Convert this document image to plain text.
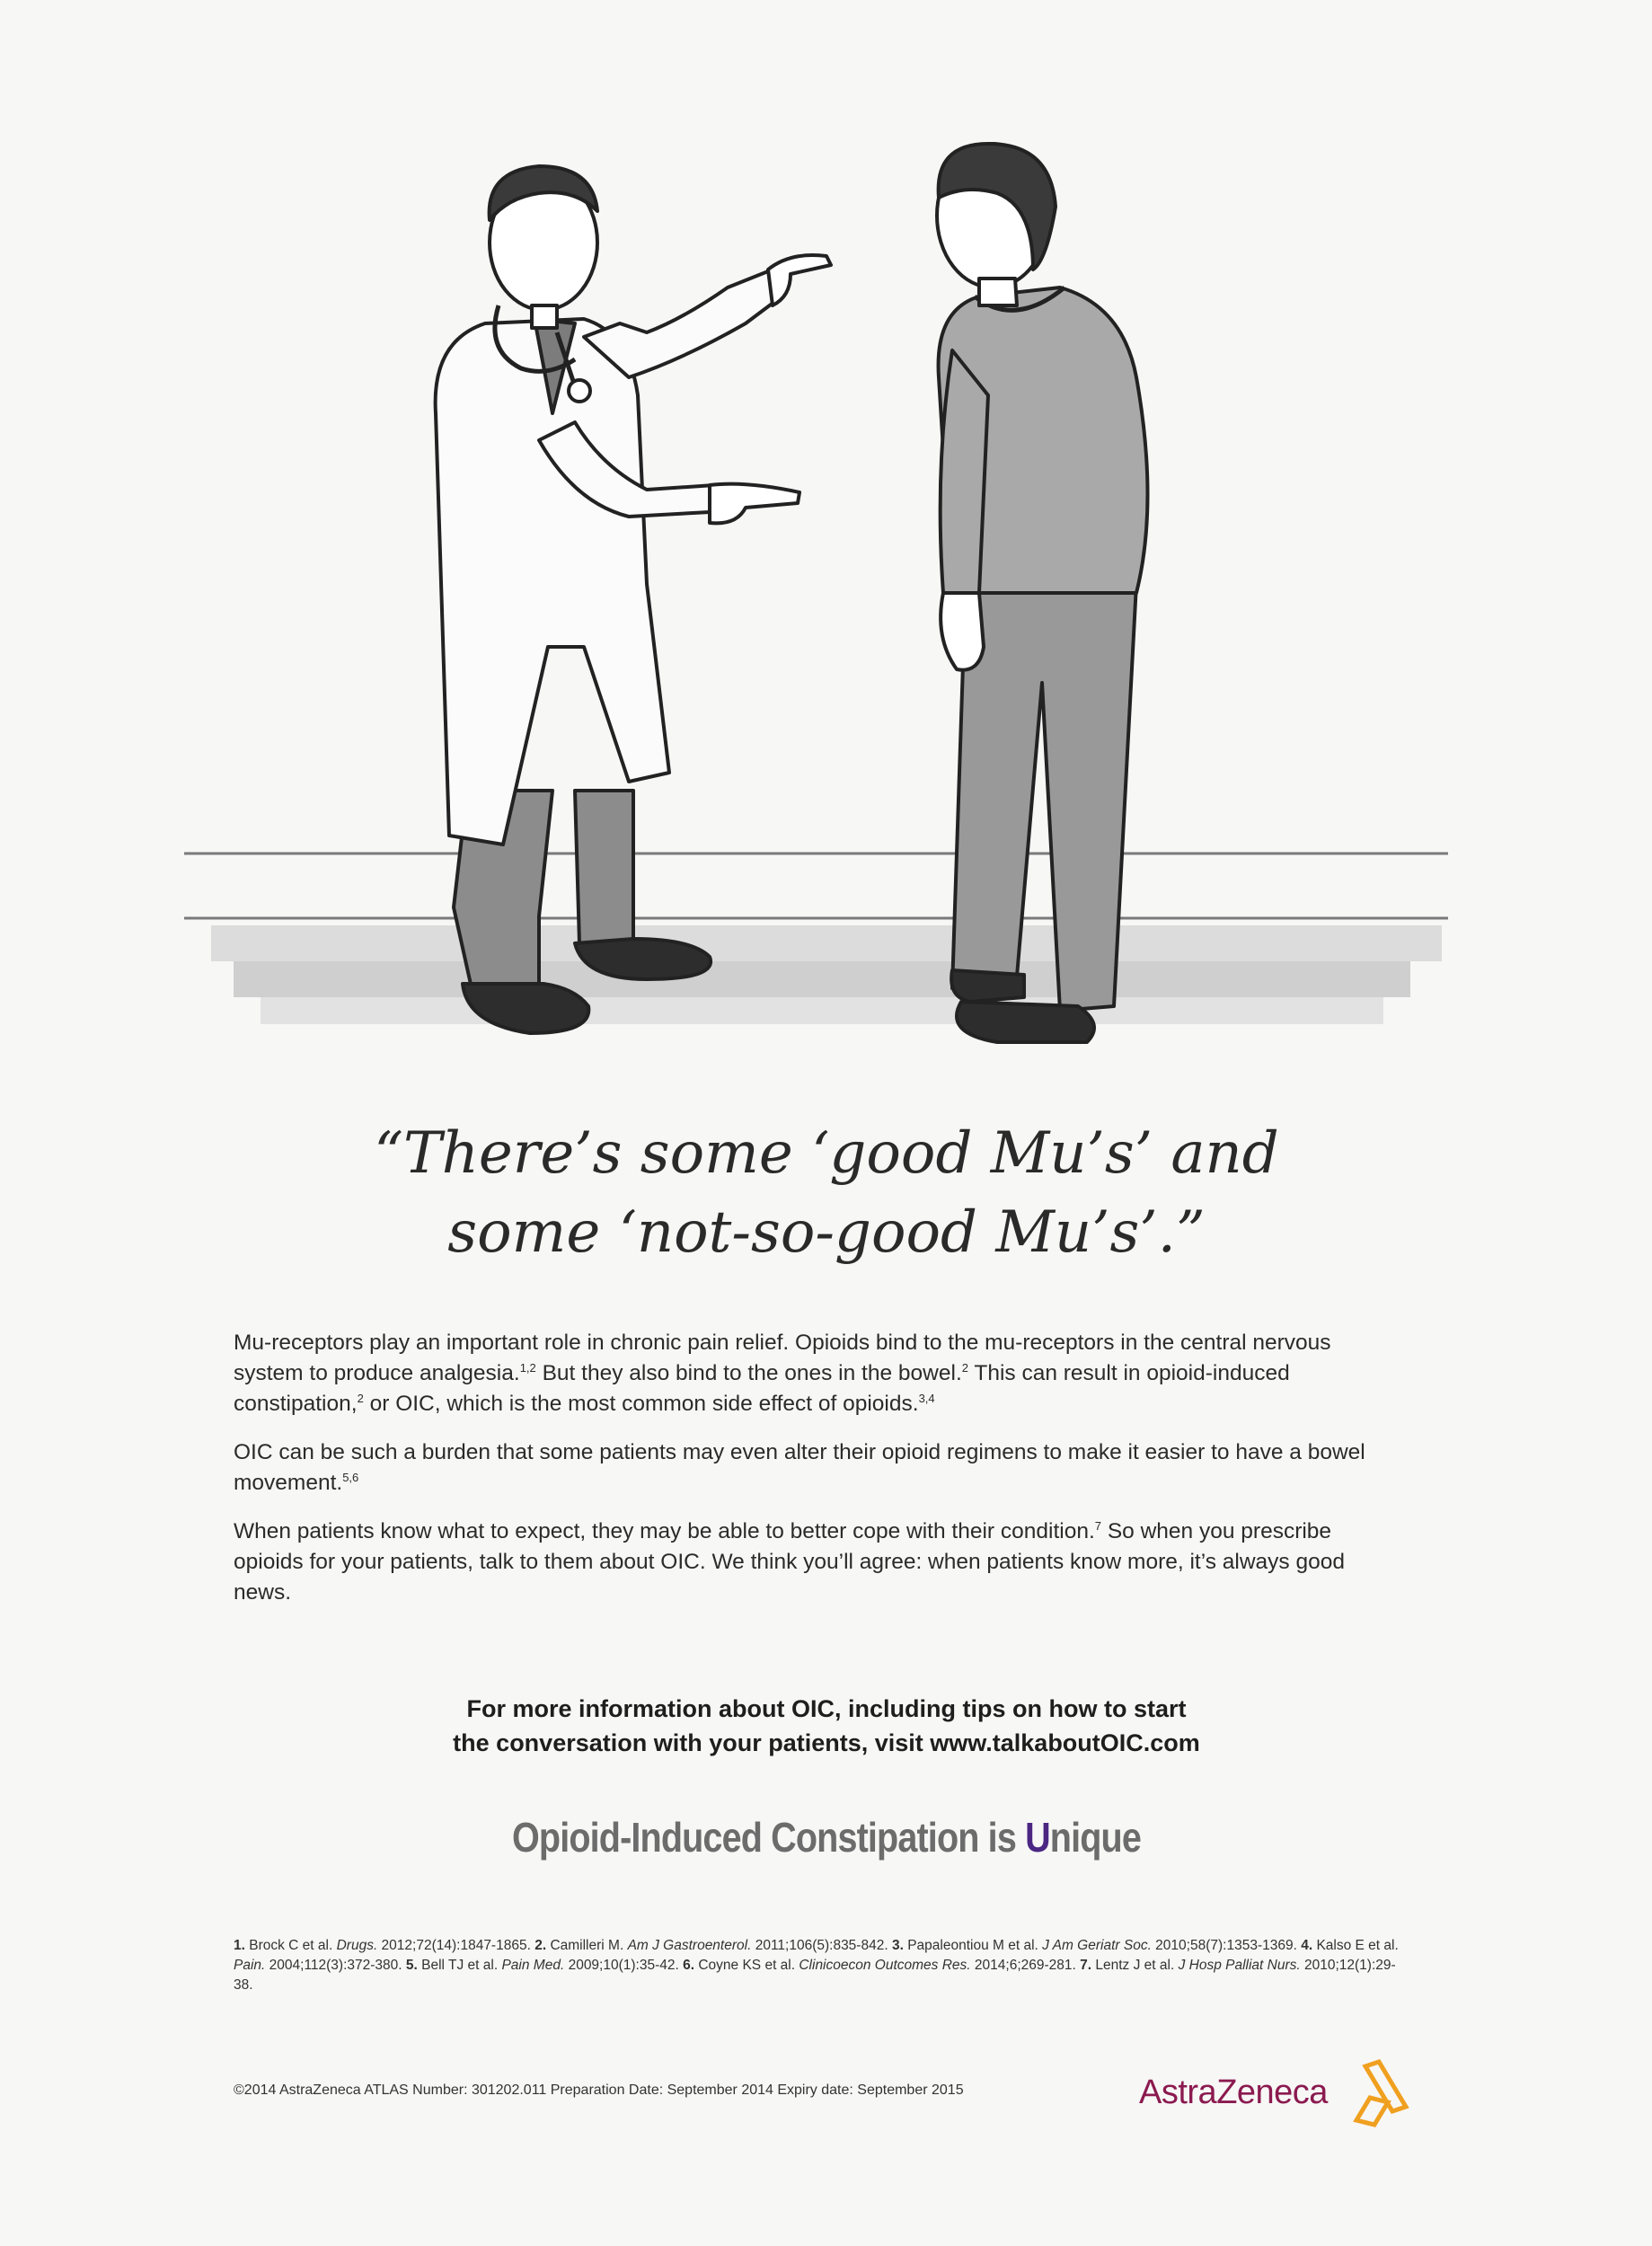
“There’s some ‘good Mu’s’ and
some ‘not-so-good Mu’s’.”

Mu-receptors play an important role in chronic pain relief. Opioids bind to the mu-receptors in the central nervous system to produce analgesia.$^{1,2}$ But they also bind to the ones in the bowel.$^2$ This can result in opioid-induced constipation,$^2$ or OIC, which is the most common side effect of opioids.$^{3,4}$

OIC can be such a burden that some patients may even alter their opioid regimens to make it easier to have a bowel movement.$^{5,6}$

When patients know what to expect, they may be able to better cope with their condition.$^7$ So when you prescribe opioids for your patients, talk to them about OIC. We think you’ll agree: when patients know more, it’s always good news.

For more information about OIC, including tips on how to start
the conversation with your patients, visit www.talkaboutOIC.com
Opioid-Induced Constipation is Unique
1. Brock C et al. Drugs. 2012;72(14):1847-1865. 2. Camilleri M. Am J Gastroenterol. 2011;106(5):835-842. 3. Papaleontiou M et al. J Am Geriatr Soc. 2010;58(7):1353-1369. 4. Kalso E et al. Pain. 2004;112(3):372-380. 5. Bell TJ et al. Pain Med. 2009;10(1):35-42. 6. Coyne KS et al. Clinicoecon Outcomes Res. 2014;6;269-281. 7. Lentz J et al. J Hosp Palliat Nurs. 2010;12(1):29-38.
©2014 AstraZeneca ATLAS Number: 301202.011 Preparation Date: September 2014 Expiry date: September 2015	AstraZeneca
